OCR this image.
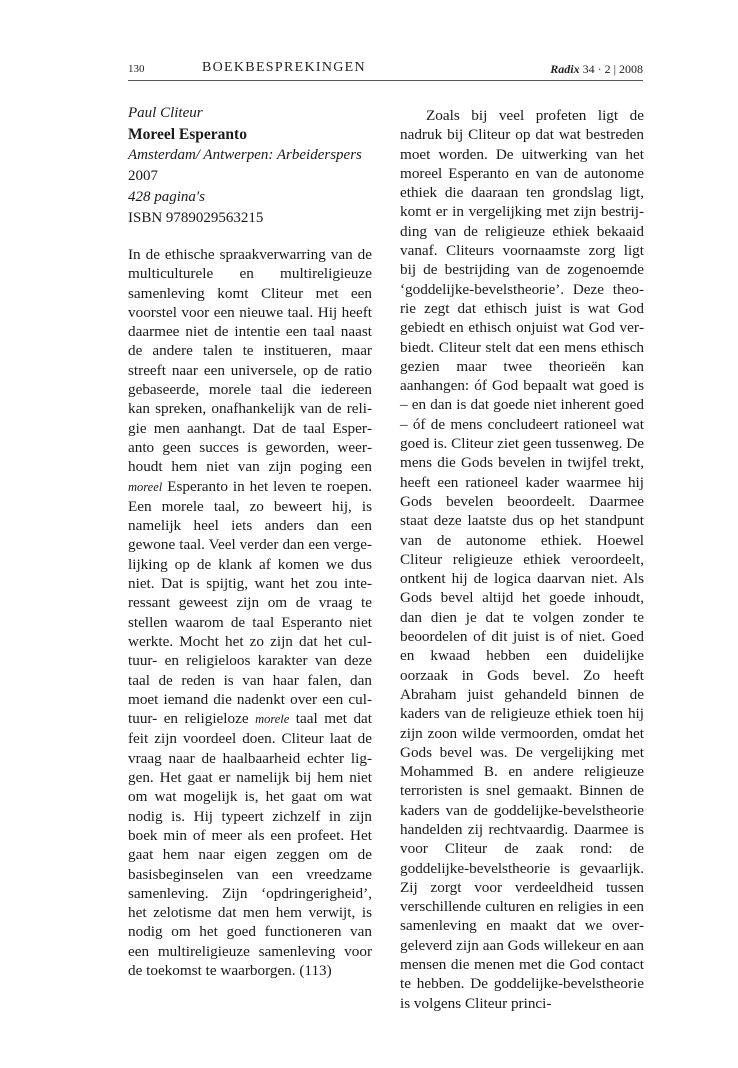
130	BOEKBESPREKINGEN	Radix 34 · 2 | 2008
Paul Cliteur
Moreel Esperanto
Amsterdam/ Antwerpen: Arbeiderspers
2007
428 pagina's
ISBN 9789029563215

In de ethische spraakverwarring van de multiculturele en multireligieuze samenleving komt Cliteur met een voorstel voor een nieuwe taal. Hij heeft daarmee niet de intentie een taal naast de andere talen te institueren, maar streeft naar een universele, op de ratio gebaseerde, morele taal die iedereen kan spreken, onafhankelijk van de religie men aanhangt. Dat de taal Esperanto geen succes is geworden, weerhoudt hem niet van zijn poging een moreel Esperanto in het leven te roepen. Een morele taal, zo beweert hij, is namelijk heel iets anders dan een gewone taal. Veel verder dan een vergelijking op de klank af komen we dus niet. Dat is spijtig, want het zou interessant geweest zijn om de vraag te stellen waarom de taal Esperanto niet werkte. Mocht het zo zijn dat het cultuur- en religieloos karakter van deze taal de reden is van haar falen, dan moet iemand die nadenkt over een cultuur- en religieloze morele taal met dat feit zijn voordeel doen. Cliteur laat de vraag naar de haalbaarheid echter liggen. Het gaat er namelijk bij hem niet om wat mogelijk is, het gaat om wat nodig is. Hij typeert zichzelf in zijn boek min of meer als een profeet. Het gaat hem naar eigen zeggen om de basisbeginselen van een vreedzame samenleving. Zijn ‘opdringerigheid’, het zelotisme dat men hem verwijt, is nodig om het goed functioneren van een multireligieuze samenleving voor de toekomst te waarborgen. (113)

Zoals bij veel profeten ligt de nadruk bij Cliteur op dat wat bestreden moet worden. De uitwerking van het moreel Esperanto en van de autonome ethiek die daaraan ten grondslag ligt, komt er in vergelijking met zijn bestrijding van de religieuze ethiek bekaaid vanaf. Cliteurs voornaamste zorg ligt bij de bestrijding van de zogenoemde ‘goddelijke-bevelstheorie’. Deze theorie zegt dat ethisch juist is wat God gebiedt en ethisch onjuist wat God verbiedt. Cliteur stelt dat een mens ethisch gezien maar twee theorieën kan aanhangen: óf God bepaalt wat goed is – en dan is dat goede niet inherent goed – óf de mens concludeert rationeel wat goed is. Cliteur ziet geen tussenweg. De mens die Gods bevelen in twijfel trekt, heeft een rationeel kader waarmee hij Gods bevelen beoordeelt. Daarmee staat deze laatste dus op het standpunt van de autonome ethiek. Hoewel Cliteur religieuze ethiek veroordeelt, ontkent hij de logica daarvan niet. Als Gods bevel altijd het goede inhoudt, dan dien je dat te volgen zonder te beoordelen of dit juist is of niet. Goed en kwaad hebben een duidelijke oorzaak in Gods bevel. Zo heeft Abraham juist gehandeld binnen de kaders van de religieuze ethiek toen hij zijn zoon wilde vermoorden, omdat het Gods bevel was. De vergelijking met Mohammed B. en andere religieuze terroristen is snel gemaakt. Binnen de kaders van de goddelijke-bevelstheorie handelden zij rechtvaardig. Daarmee is voor Cliteur de zaak rond: de goddelijke-bevelstheorie is gevaarlijk. Zij zorgt voor verdeeldheid tussen verschillende culturen en religies in een samenleving en maakt dat we overgeleverd zijn aan Gods willekeur en aan mensen die menen met die God contact te hebben. De goddelijke-bevelstheorie is volgens Cliteur princi-
